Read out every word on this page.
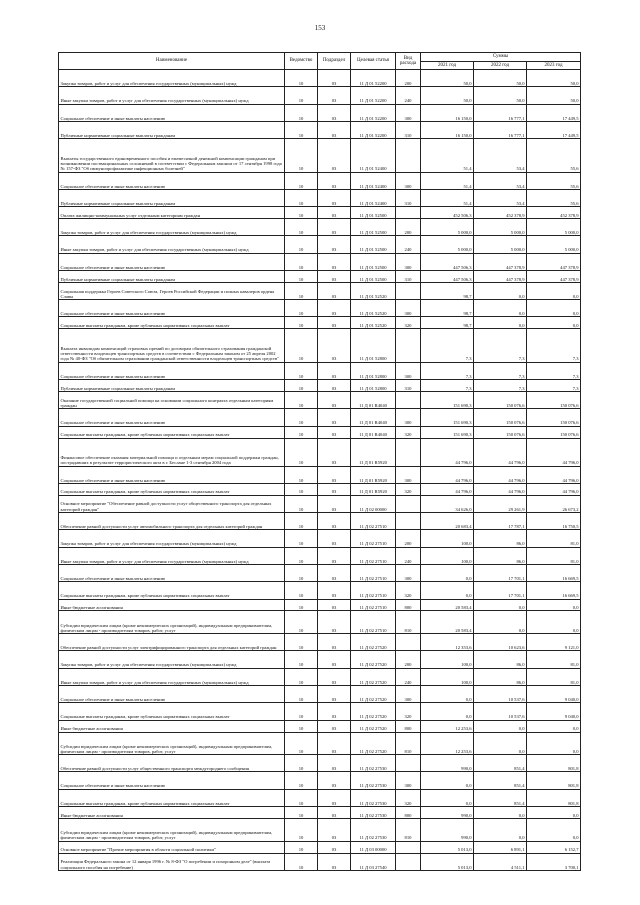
153
Наименование	Ведомство	Подраздел	Целевая статья	Вид расхода	Суммы		
					2021 год	2022 год	2023 год
Закупка товаров, работ и услуг для обеспечения государственных (муниципальных) нужд	10	03	11 Д 01 52200	200	50,0	50,0	50,0
Иные закупки товаров, работ и услуг для обеспечения государственных (муниципальных) нужд	10	03	11 Д 01 52200	240	50,0	50,0	50,0
Социальное обеспечение и иные выплаты населению	10	03	11 Д 01 52200	300	16 150,0	16 777,1	17 449,5
Публичные нормативные социальные выплаты гражданам	10	03	11 Д 01 52200	310	16 150,0	16 777,1	17 449,5
Выплаты государственного единовременного пособия и ежемесячной денежной компенсации гражданам при возникновении поствакцинальных осложнений в соответствии с Федеральным законом от 17 сентября 1998 года № 157-ФЗ "Об иммунопрофилактике инфекционных болезней"	10	03	11 Д 01 52400		51,4	53,4	55,6
Социальное обеспечение и иные выплаты населению	10	03	11 Д 01 52400	300	51,4	53,4	55,6
Публичные нормативные социальные выплаты гражданам	10	03	11 Д 01 52400	310	51,4	53,4	55,6
Оплата жилищно-коммунальных услуг отдельным категориям граждан	10	03	11 Д 01 52500		452 506,3	452 378,9	452 378,9
Закупка товаров, работ и услуг для обеспечения государственных (муниципальных) нужд	10	03	11 Д 01 52500	200	5 000,0	5 000,0	5 000,0
Иные закупки товаров, работ и услуг для обеспечения государственных (муниципальных) нужд	10	03	11 Д 01 52500	240	5 000,0	5 000,0	5 000,0
Социальное обеспечение и иные выплаты населению	10	03	11 Д 01 52500	300	447 506,3	447 378,9	447 378,9
Публичные нормативные социальные выплаты гражданам	10	03	11 Д 01 52500	310	447 506,3	447 378,9	447 378,9
Социальная поддержка Героев Советского Союза, Героев Российской Федерации и полных кавалеров ордена Славы	10	03	11 Д 01 52520		98,7	0,0	0,0
Социальное обеспечение и иные выплаты населению	10	03	11 Д 01 52520	300	98,7	0,0	0,0
Социальные выплаты гражданам, кроме публичных нормативных социальных выплат	10	03	11 Д 01 52520	320	98,7	0,0	0,0
Выплата инвалидам компенсаций страховых премий по договорам обязательного страхования гражданской ответственности владельцев транспортных средств в соответствии с Федеральным законом от 25 апреля 2002 года № 40-ФЗ "Об обязательном страховании гражданской ответственности владельцев транспортных средств"	10	03	11 Д 01 52800		7,3	7,3	7,3
Социальное обеспечение и иные выплаты населению	10	03	11 Д 01 52800	300	7,3	7,3	7,3
Публичные нормативные социальные выплаты гражданам	10	03	11 Д 01 52800	310	7,3	7,3	7,3
Оказание государственной социальной помощи на основании социального контракта отдельным категориям граждан	10	03	11 Д 01 R4040		151 690,3	150 076,6	150 076,6
Социальное обеспечение и иные выплаты населению	10	03	11 Д 01 R4040	300	151 690,3	150 076,6	150 076,6
Социальные выплаты гражданам, кроме публичных нормативных социальных выплат	10	03	11 Д 01 R4040	320	151 690,3	150 076,6	150 076,6
Финансовое обеспечение оказания материальной помощи и отдельным мерам социальной поддержки граждан, пострадавших в результате террористического акта в г. Беслане 1-3 сентября 2004 года	10	03	11 Д 01 R5920		44 796,0	44 796,0	44 796,0
Социальное обеспечение и иные выплаты населению	10	03	11 Д 01 R5920	300	44 796,0	44 796,0	44 796,0
Социальные выплаты гражданам, кроме публичных нормативных социальных выплат	10	03	11 Д 01 R5920	320	44 796,0	44 796,0	44 796,0
Основное мероприятие "Обеспечение равной доступности услуг общественного транспорта для отдельных категорий граждан"	10	03	11 Д 02 00000		34 626,0	29 261,9	26 673,2
Обеспечение равной доступности услуг автомобильного транспорта для отдельных категорий граждан	10	03	11 Д 02 27510		20 683,4	17 787,1	16 750,5
Закупка товаров, работ и услуг для обеспечения государственных (муниципальных) нужд	10	03	11 Д 02 27510	200	100,0	86,0	81,0
Иные закупки товаров, работ и услуг для обеспечения государственных (муниципальных) нужд	10	03	11 Д 02 27510	240	100,0	86,0	81,0
Социальное обеспечение и иные выплаты населению	10	03	11 Д 02 27510	300	0,0	17 701,1	16 669,5
Социальные выплаты гражданам, кроме публичных нормативных социальных выплат	10	03	11 Д 02 27510	320	0,0	17 701,1	16 669,5
Иные бюджетные ассигнования	10	03	11 Д 02 27510	800	20 583,4	0,0	0,0
Субсидии юридическим лицам (кроме некоммерческих организаций), индивидуальным предпринимателям, физическим лицам - производителям товаров, работ, услуг	10	03	11 Д 02 27510	810	20 583,4	0,0	0,0
Обеспечение равной доступности услуг электрифицированного транспорта для отдельных категорий граждан	10	03	11 Д 02 27520		12 353,6	10 623,6	9 121,0
Закупка товаров, работ и услуг для обеспечения государственных (муниципальных) нужд	10	03	11 Д 02 27520	200	100,0	86,0	81,0
Иные закупки товаров, работ и услуг для обеспечения государственных (муниципальных) нужд	10	03	11 Д 02 27520	240	100,0	86,0	81,0
Социальное обеспечение и иные выплаты населению	10	03	11 Д 02 27520	300	0,0	10 537,6	9 040,0
Социальные выплаты гражданам, кроме публичных нормативных социальных выплат	10	03	11 Д 02 27520	320	0,0	10 537,6	9 040,0
Иные бюджетные ассигнования	10	03	11 Д 02 27520	800	12 253,6	0,0	0,0
Субсидии юридическим лицам (кроме некоммерческих организаций), индивидуальным предпринимателям, физическим лицам - производителям товаров, работ, услуг	10	03	11 Д 02 27520	810	12 253,6	0,0	0,0
Обеспечение равной доступности услуг общественного транспорта междугороднего сообщения	10	03	11 Д 02 27530		990,0	851,4	801,8
Социальное обеспечение и иные выплаты населению	10	03	11 Д 02 27530	300	0,0	851,4	801,8
Социальные выплаты гражданам, кроме публичных нормативных социальных выплат	10	03	11 Д 02 27530	320	0,0	851,4	801,8
Иные бюджетные ассигнования	10	03	11 Д 02 27530	800	990,0	0,0	0,0
Субсидии юридическим лицам (кроме некоммерческих организаций), индивидуальным предпринимателям, физическим лицам - производителям товаров, работ, услуг	10	03	11 Д 02 27530	810	990,0	0,0	0,0
Основное мероприятие "Прочие мероприятия в области социальной политики"	10	03	11 Д 03 00000		5 013,0	6 891,1	6 152,7
Реализация Федерального закона от 12 января 1996 г. № 8-ФЗ "О погребении и похоронном деле" (выплата социального пособия на погребение)	10	03	11 Д 03 27540		5 013,0	4 511,1	3 700,1
